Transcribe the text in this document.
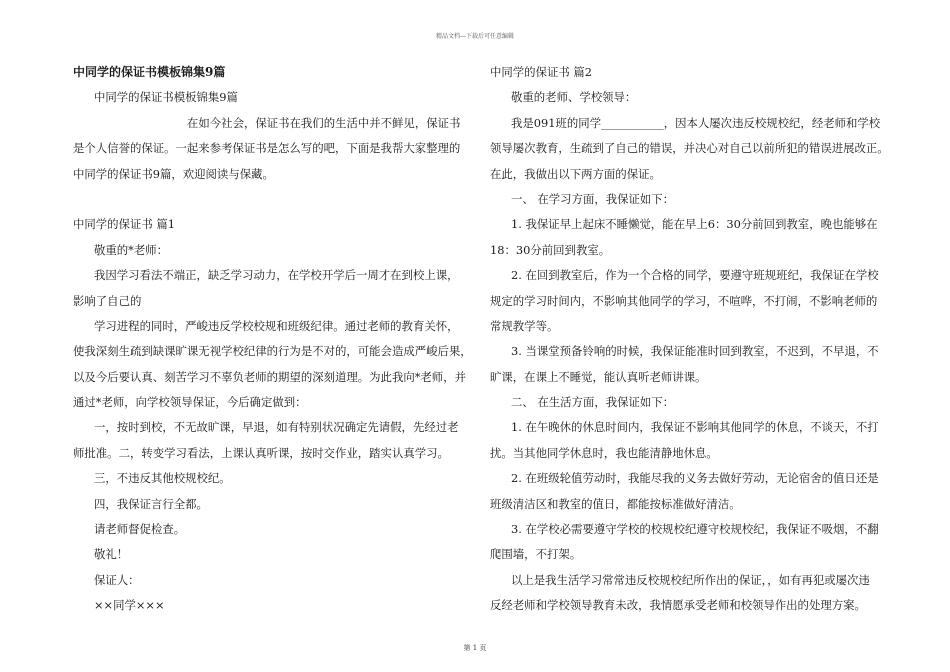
精品文档---下载后可任意编辑
中同学的保证书模板锦集9篇
中同学的保证书模板锦集9篇
在如今社会，保证书在我们的生活中并不鲜见，保证书
是个人信誉的保证。一起来参考保证书是怎么写的吧，下面是我帮大家整理的
中同学的保证书9篇，欢迎阅读与保藏。
中同学的保证书 篇1
敬重的*老师：
我因学习看法不端正，缺乏学习动力，在学校开学后一周才在到校上课，
影响了自己的
学习进程的同时，严峻违反学校校规和班级纪律。通过老师的教育关怀，
使我深刻生疏到缺课旷课无视学校纪律的行为是不对的，可能会造成严峻后果，
以及今后要认真、刻苦学习不辜负老师的期望的深刻道理。为此我向*老师，并
通过*老师，向学校领导保证，今后确定做到：
一，按时到校，不无故旷课，早退，如有特别状况确定先请假，先经过老
师批准。二，转变学习看法，上课认真听课，按时交作业，踏实认真学习。
三，不违反其他校规校纪。
四，我保证言行全都。
请老师督促检查。
敬礼！
保证人：
××同学×××
中同学的保证书 篇2
敬重的老师、学校领导：
我是091班的同学___________，因本人屡次违反校规校纪，经老师和学校
领导屡次教育，生疏到了自己的错误，并决心对自己以前所犯的错误进展改正。
在此，我做出以下两方面的保证。
一、 在学习方面，我保证如下：
1. 我保证早上起床不睡懒觉，能在早上6：30分前回到教室，晚也能够在
18：30分前回到教室。
2. 在回到教室后，作为一个合格的同学，要遵守班规班纪，我保证在学校
规定的学习时间内，不影响其他同学的学习，不喧哗，不打闹，不影响老师的
常规教学等。
3. 当课堂预备铃响的时候，我保证能准时回到教室，不迟到，不早退，不
旷课，在课上不睡觉，能认真听老师讲课。
二、 在生活方面，我保证如下：
1. 在午晚休的休息时间内，我保证不影响其他同学的休息，不谈天，不打
扰。当其他同学休息时，我也能清静地休息。
2. 在班级轮值劳动时，我能尽我的义务去做好劳动，无论宿舍的值日还是
班级清洁区和教室的值日，都能按标准做好清洁。
3. 在学校必需要遵守学校的校规校纪遵守校规校纪，我保证不吸烟，不翻
爬围墙，不打架。
以上是我生活学习常常违反校规校纪所作出的保证，，如有再犯或屡次违
反经老师和学校领导教育未改，我情愿承受老师和校领导作出的处理方案。
第 1 页
